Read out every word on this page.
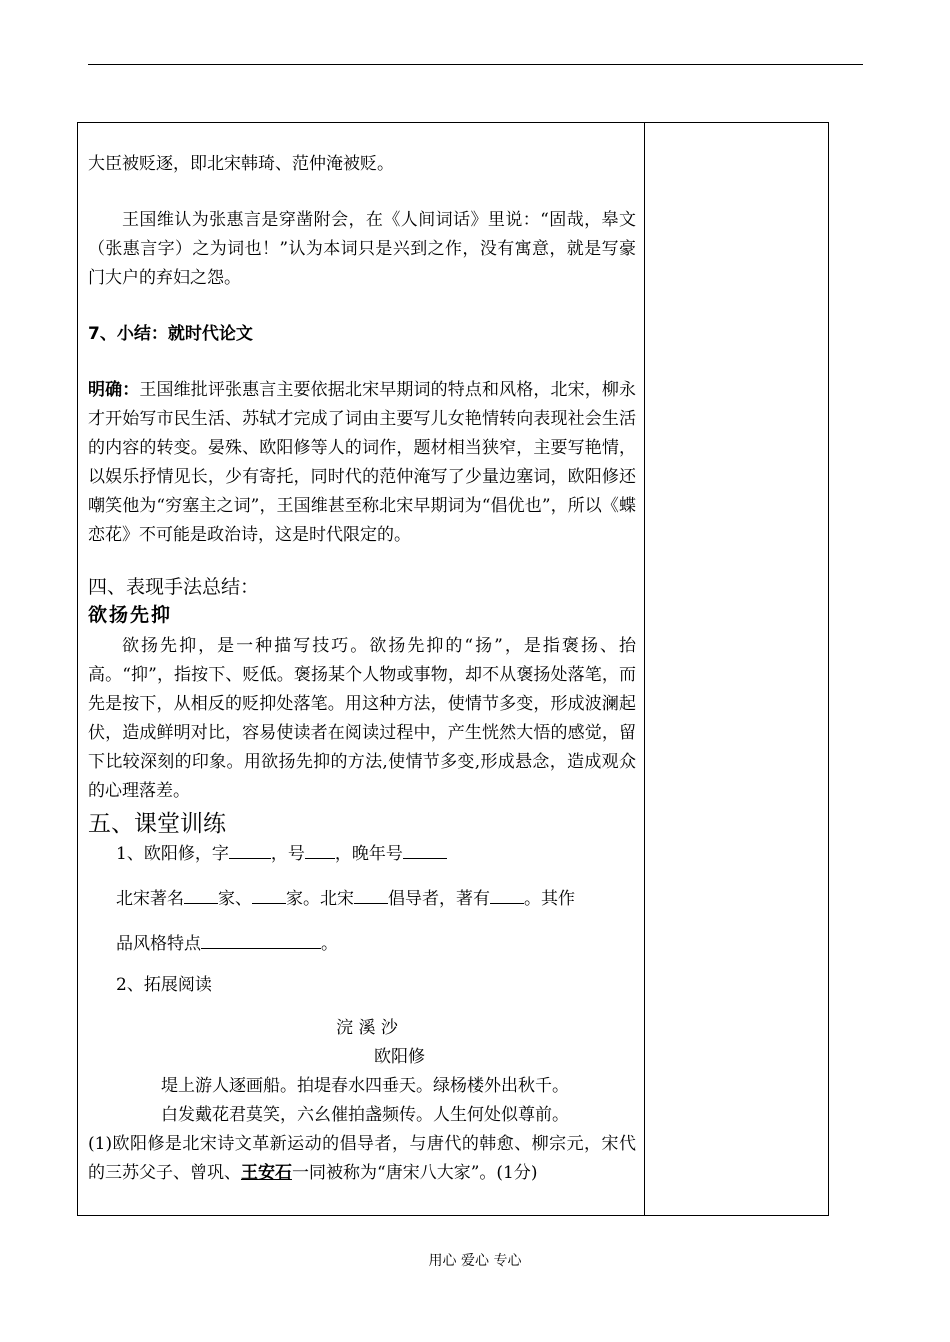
大臣被贬逐，即北宋韩琦、范仲淹被贬。

王国维认为张惠言是穿凿附会，在《人间词话》里说：“固哉，皋文（张惠言字）之为词也！”认为本词只是兴到之作，没有寓意，就是写豪门大户的弃妇之怨。

7、小结：就时代论文

明确：王国维批评张惠言主要依据北宋早期词的特点和风格，北宋，柳永才开始写市民生活、苏轼才完成了词由主要写儿女艳情转向表现社会生活的内容的转变。晏殊、欧阳修等人的词作，题材相当狭窄，主要写艳情，以娱乐抒情见长，少有寄托，同时代的范仲淹写了少量边塞词，欧阳修还嘲笑他为“穷塞主之词”，王国维甚至称北宋早期词为“倡优也”，所以《蝶恋花》不可能是政治诗，这是时代限定的。

四、表现手法总结：

欲扬先抑

欲扬先抑，是一种描写技巧。欲扬先抑的“扬”，是指褒扬、抬高。“抑”，指按下、贬低。褒扬某个人物或事物，却不从褒扬处落笔，而先是按下，从相反的贬抑处落笔。用这种方法，使情节多变，形成波澜起伏，造成鲜明对比，容易使读者在阅读过程中，产生恍然大悟的感觉，留下比较深刻的印象。用欲扬先抑的方法,使情节多变,形成悬念，造成观众的心理落差。

五、课堂训练

1、欧阳修，字 ，号 ，晚年号

北宋著名 家、 家。北宋 倡导者，著有 。其作

品风格特点	。

2、拓展阅读

浣 溪 沙

欧阳修

堤上游人逐画船。拍堤春水四垂天。绿杨楼外出秋千。

白发戴花君莫笑，六幺催拍盏频传。人生何处似尊前。

(1)欧阳修是北宋诗文革新运动的倡导者，与唐代的韩愈、柳宗元，宋代的三苏父子、曾巩、王安石一同被称为“唐宋八大家”。(1分)

用心 爱心 专心
